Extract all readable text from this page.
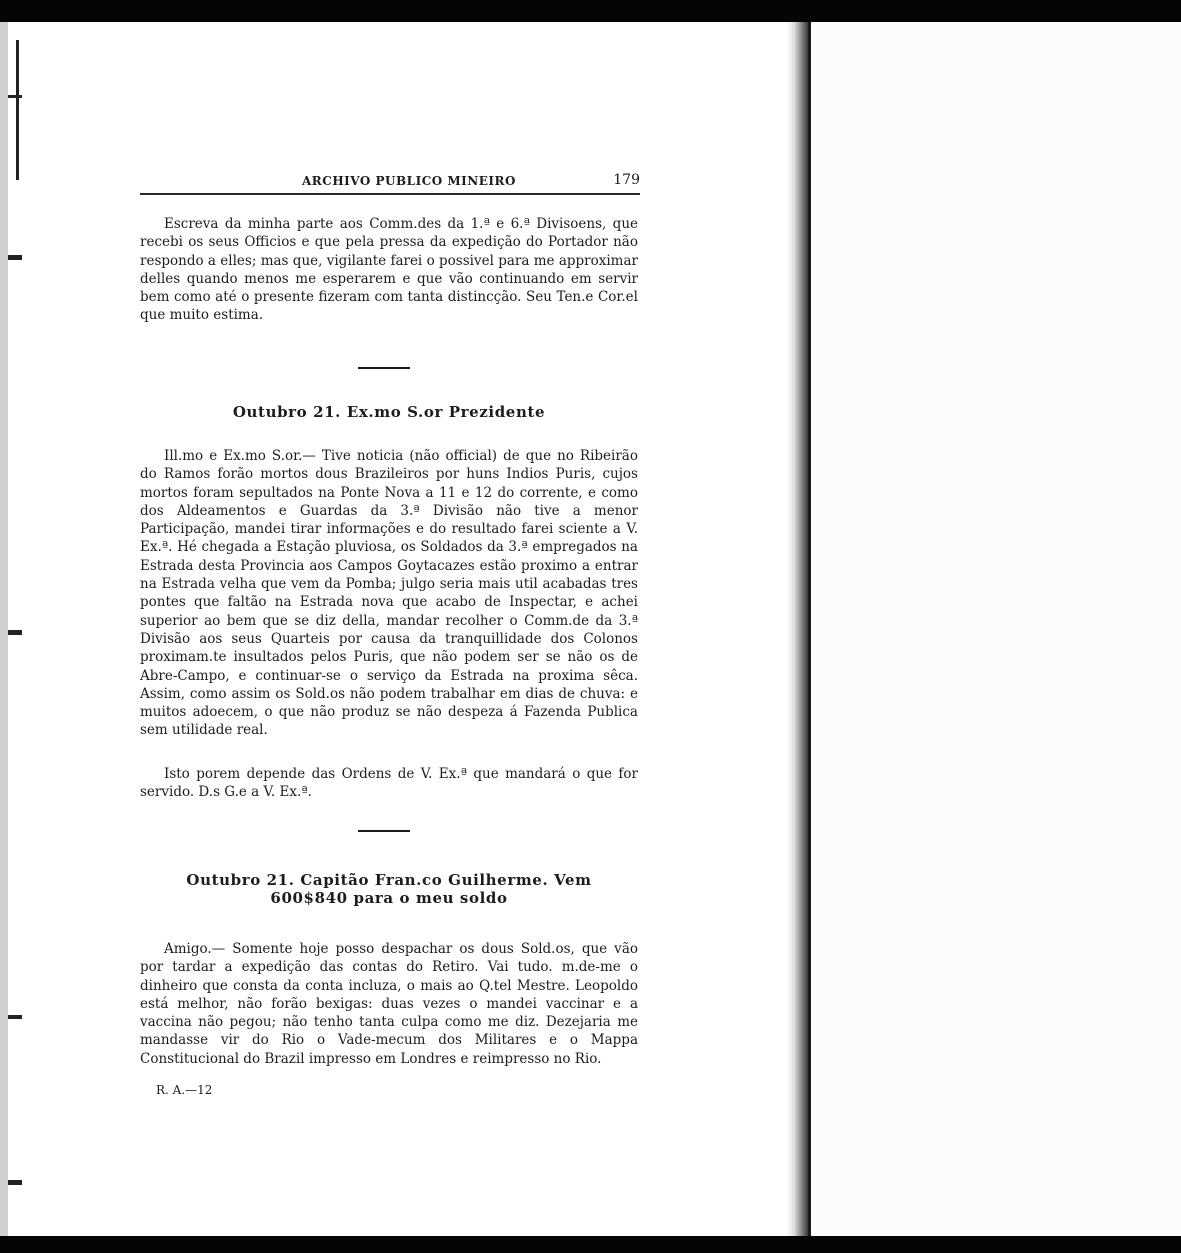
ARCHIVO PUBLICO MINEIRO	179

Escreva da minha parte aos Comm.des da 1.ª e 6.ª Divisoens, que recebi os seus Officios e que pela pressa da expedição do Portador não respondo a elles; mas que, vigilante farei o possivel para me approximar delles quando menos me esperarem e que vão continuando em servir bem como até o presente fizeram com tanta distincção. Seu Ten.e Cor.el que muito estima.

Outubro 21. Ex.mo S.or Prezidente

Ill.mo e Ex.mo S.or.— Tive noticia (não official) de que no Ribeirão do Ramos forão mortos dous Brazileiros por huns Indios Puris, cujos mortos foram sepultados na Ponte Nova a 11 e 12 do corrente, e como dos Aldeamentos e Guardas da 3.ª Divisão não tive a menor Participação, mandei tirar informações e do resultado farei sciente a V. Ex.ª. Hé chegada a Estação pluviosa, os Soldados da 3.ª empregados na Estrada desta Provincia aos Campos Goytacazes estão proximo a entrar na Estrada velha que vem da Pomba; julgo seria mais util acabadas tres pontes que faltão na Estrada nova que acabo de Inspectar, e achei superior ao bem que se diz della, mandar recolher o Comm.de da 3.ª Divisão aos seus Quarteis por causa da tranquillidade dos Colonos proximam.te insultados pelos Puris, que não podem ser se não os de Abre-Campo, e continuar-se o serviço da Estrada na proxima sêca. Assim, como assim os Sold.os não podem trabalhar em dias de chuva: e muitos adoecem, o que não produz se não despeza á Fazenda Publica sem utilidade real.

Isto porem depende das Ordens de V. Ex.ª que mandará o que for servido. D.s G.e a V. Ex.ª.

Outubro 21. Capitão Fran.co Guilherme. Vem

600$840 para o meu soldo

Amigo.— Somente hoje posso despachar os dous Sold.os, que vão por tardar a expedição das contas do Retiro. Vai tudo. m.de-me o dinheiro que consta da conta incluza, o mais ao Q.tel Mestre. Leopoldo está melhor, não forão bexigas: duas vezes o mandei vaccinar e a vaccina não pegou; não tenho tanta culpa como me diz. Dezejaria me mandasse vir do Rio o Vade-mecum dos Militares e o Mappa Constitucional do Brazil impresso em Londres e reimpresso no Rio.

R. A.—12
